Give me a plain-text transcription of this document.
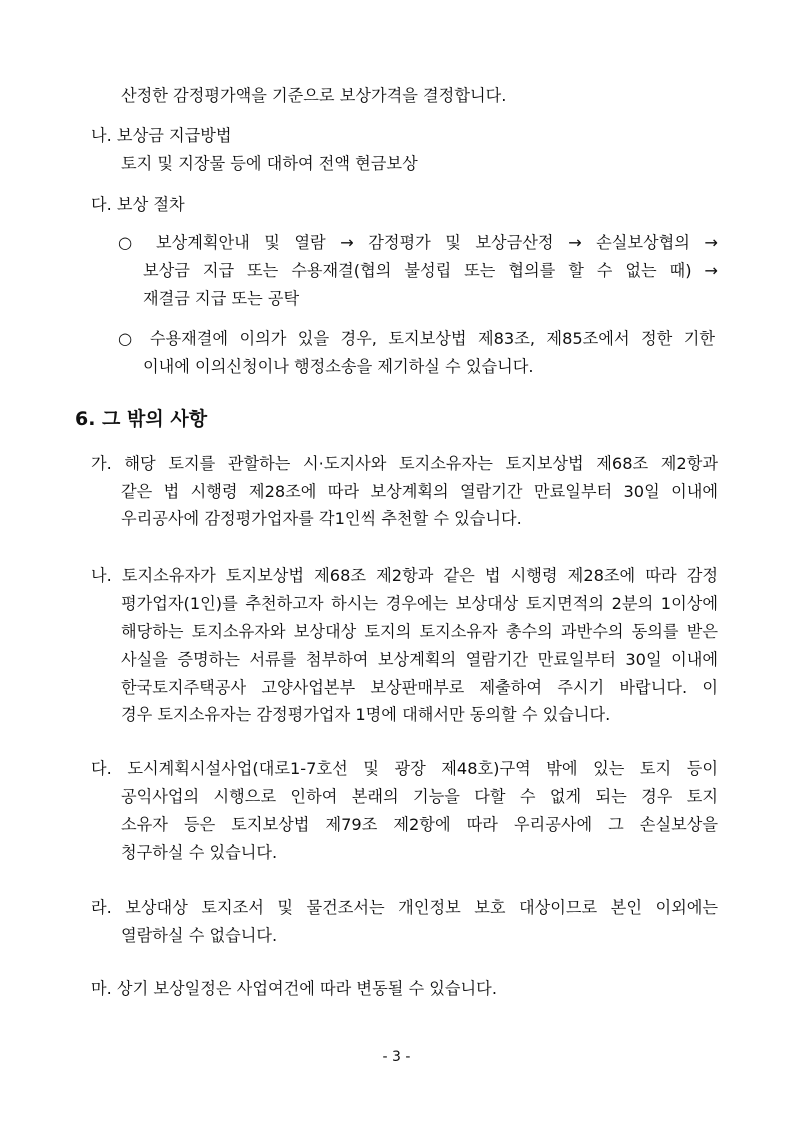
산정한 감정평가액을 기준으로 보상가격을 결정합니다.
나. 보상금 지급방법
토지 및 지장물 등에 대하여 전액 현금보상
다. 보상 절차
○ 보상계획안내 및 열람 → 감정평가 및 보상금산정 → 손실보상협의 →
보상금 지급 또는 수용재결(협의 불성립 또는 협의를 할 수 없는 때) →
재결금 지급 또는 공탁
○ 수용재결에 이의가 있을 경우, 토지보상법 제83조, 제85조에서 정한 기한
이내에 이의신청이나 행정소송을 제기하실 수 있습니다.
6. 그 밖의 사항
가. 해당 토지를 관할하는 시·도지사와 토지소유자는 토지보상법 제68조 제2항과
같은 법 시행령 제28조에 따라 보상계획의 열람기간 만료일부터 30일 이내에
우리공사에 감정평가업자를 각1인씩 추천할 수 있습니다.
나. 토지소유자가 토지보상법 제68조 제2항과 같은 법 시행령 제28조에 따라 감정
평가업자(1인)를 추천하고자 하시는 경우에는 보상대상 토지면적의 2분의 1이상에
해당하는 토지소유자와 보상대상 토지의 토지소유자 총수의 과반수의 동의를 받은
사실을 증명하는 서류를 첨부하여 보상계획의 열람기간 만료일부터 30일 이내에
한국토지주택공사 고양사업본부 보상판매부로 제출하여 주시기 바랍니다. 이
경우 토지소유자는 감정평가업자 1명에 대해서만 동의할 수 있습니다.
다. 도시계획시설사업(대로1-7호선 및 광장 제48호)구역 밖에 있는 토지 등이
공익사업의 시행으로 인하여 본래의 기능을 다할 수 없게 되는 경우 토지
소유자 등은 토지보상법 제79조 제2항에 따라 우리공사에 그 손실보상을
청구하실 수 있습니다.
라. 보상대상 토지조서 및 물건조서는 개인정보 보호 대상이므로 본인 이외에는
열람하실 수 없습니다.
마. 상기 보상일정은 사업여건에 따라 변동될 수 있습니다.
- 3 -
